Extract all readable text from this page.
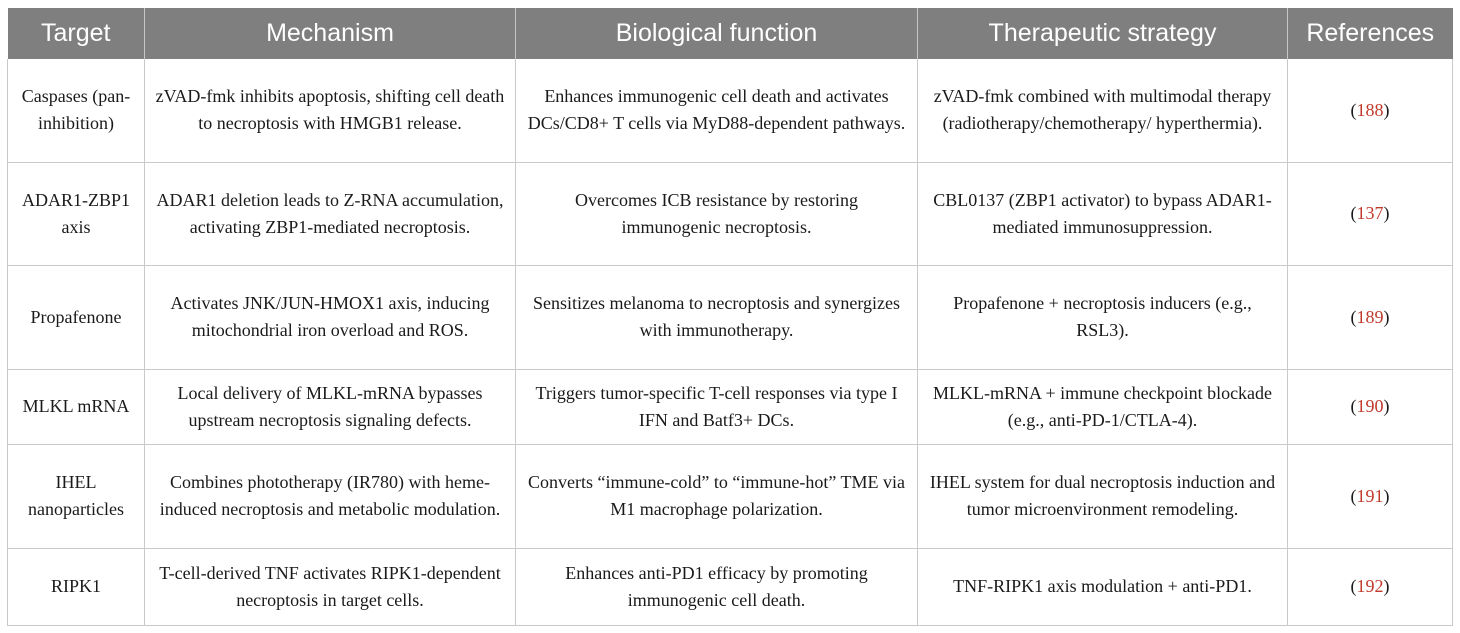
Target	Mechanism	Biological function	Therapeutic strategy	References
Caspases (pan-inhibition)	zVAD-fmk inhibits apoptosis, shifting cell death to necroptosis with HMGB1 release.	Enhances immunogenic cell death and activates DCs/CD8+ T cells via MyD88-dependent pathways.	zVAD-fmk combined with multimodal therapy (radiotherapy/chemotherapy/ hyperthermia).	(188)
ADAR1-ZBP1 axis	ADAR1 deletion leads to Z-RNA accumulation, activating ZBP1-mediated necroptosis.	Overcomes ICB resistance by restoring immunogenic necroptosis.	CBL0137 (ZBP1 activator) to bypass ADAR1-mediated immunosuppression.	(137)
Propafenone	Activates JNK/JUN-HMOX1 axis, inducing mitochondrial iron overload and ROS.	Sensitizes melanoma to necroptosis and synergizes with immunotherapy.	Propafenone + necroptosis inducers (e.g., RSL3).	(189)
MLKL mRNA	Local delivery of MLKL-mRNA bypasses upstream necroptosis signaling defects.	Triggers tumor-specific T-cell responses via type I IFN and Batf3+ DCs.	MLKL-mRNA + immune checkpoint blockade (e.g., anti-PD-1/CTLA-4).	(190)
IHEL nanoparticles	Combines phototherapy (IR780) with heme-induced necroptosis and metabolic modulation.	Converts “immune-cold” to “immune-hot” TME via M1 macrophage polarization.	IHEL system for dual necroptosis induction and tumor microenvironment remodeling.	(191)
RIPK1	T-cell-derived TNF activates RIPK1-dependent necroptosis in target cells.	Enhances anti-PD1 efficacy by promoting immunogenic cell death.	TNF-RIPK1 axis modulation + anti-PD1.	(192)
